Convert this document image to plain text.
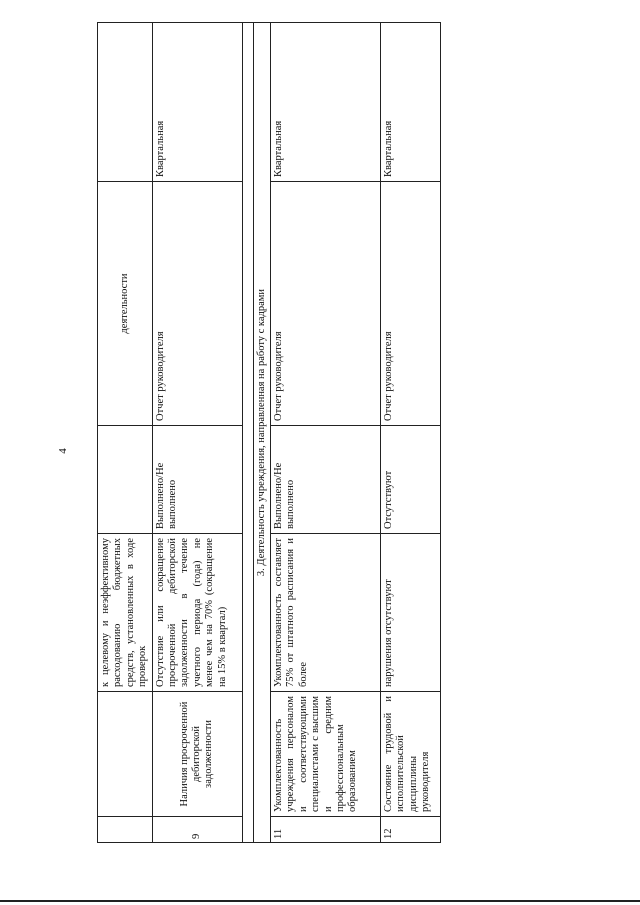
4
		к целевому и неэффективному расходованию бюджетных средств, установленных в ходе проверок		деятельности	
9	Наличия просроченной дебиторской задолженности	Отсутствие или сокращение просроченной дебиторской задолженности в течение учетного периода (года) не менее чем на 70% (сокращение на 15% в квартал)	Выполнено/Не выполнено	Отчет руководителя	Квартальная

3. Деятельность учреждения, направленная на работу с кадрами					
11	Укомплектованность учреждения персоналом и соответствующими специалистами с высшим и средним профессиональным образованием	Укомплектованность составляет 75% от штатного расписания и более	Выполнено/Не выполнено	Отчет руководителя	Квартальная
12	Состояние трудовой и исполнительской дисциплины руководителя	нарушения отсутствуют	Отсутствуют	Отчет руководителя	Квартальная
